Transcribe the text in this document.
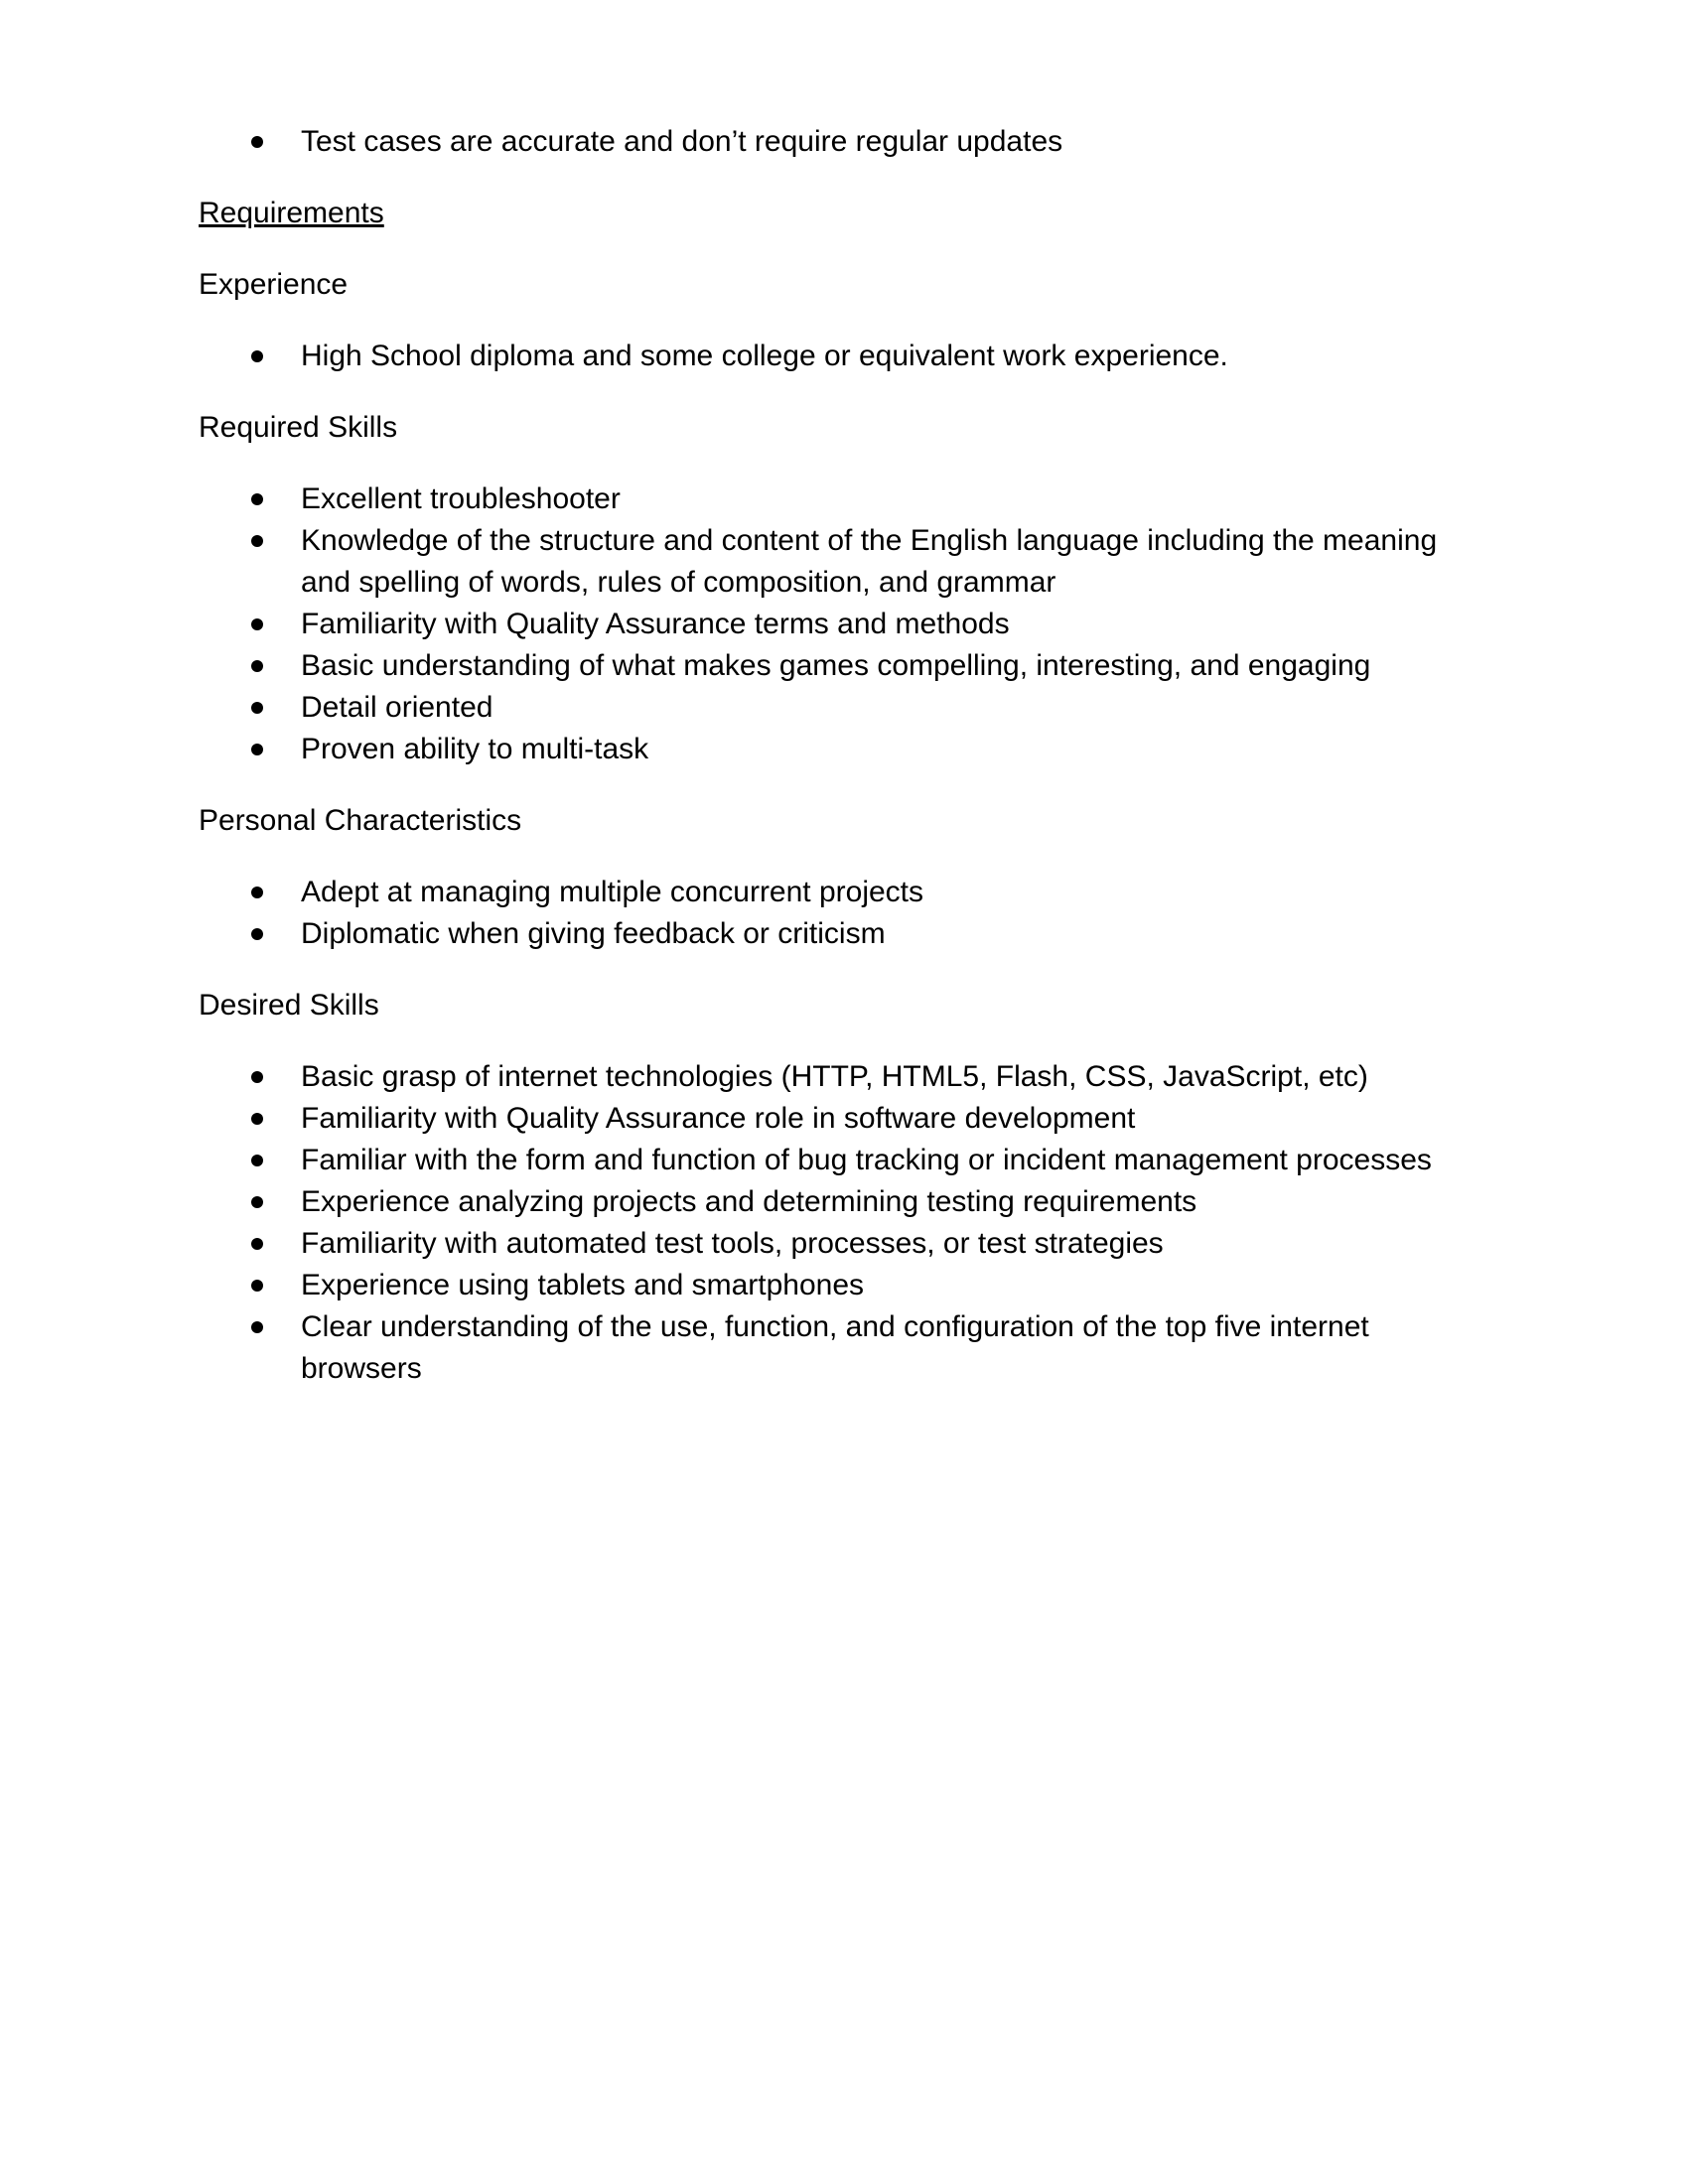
Test cases are accurate and don’t require regular updates

Requirements

Experience

High School diploma and some college or equivalent work experience.

Required Skills

Excellent troubleshooter
Knowledge of the structure and content of the English language including the meaning and spelling of words, rules of composition, and grammar
Familiarity with Quality Assurance terms and methods
Basic understanding of what makes games compelling, interesting, and engaging
Detail oriented
Proven ability to multi-task

Personal Characteristics

Adept at managing multiple concurrent projects
Diplomatic when giving feedback or criticism

Desired Skills

Basic grasp of internet technologies (HTTP, HTML5, Flash, CSS, JavaScript, etc)
Familiarity with Quality Assurance role in software development
Familiar with the form and function of bug tracking or incident management processes
Experience analyzing projects and determining testing requirements
Familiarity with automated test tools, processes, or test strategies
Experience using tablets and smartphones
Clear understanding of the use, function, and configuration of the top five internet browsers
